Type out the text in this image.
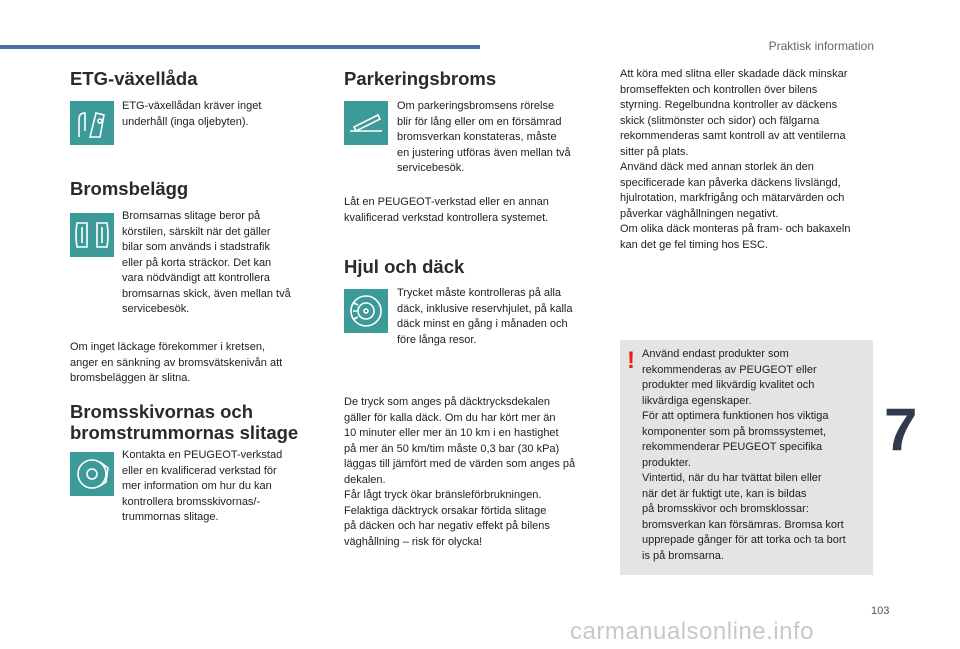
Praktisk information
7
103
carmanualsonline.info
ETG-växellåda

ETG-växellådan kräver inget
underhåll (inga oljebyten).

Bromsbelägg

Bromsarnas slitage beror på
körstilen, särskilt när det gäller
bilar som används i stadstrafik
eller på korta sträckor. Det kan
vara nödvändigt att kontrollera
bromsarnas skick, även mellan två
servicebesök.

Om inget läckage förekommer i kretsen,
anger en sänkning av bromsvätskenivån att
bromsbeläggen är slitna.

Bromsskivornas och
bromstrummornas slitage

Kontakta en PEUGEOT-verkstad
eller en kvalificerad verkstad för
mer information om hur du kan
kontrollera bromsskivornas/-
trummornas slitage.

Parkeringsbroms

Om parkeringsbromsens rörelse
blir för lång eller om en försämrad
bromsverkan konstateras, måste
en justering utföras även mellan två
servicebesök.

Låt en PEUGEOT-verkstad eller en annan
kvalificerad verkstad kontrollera systemet.

Hjul och däck

Trycket måste kontrolleras på alla
däck, inklusive reservhjulet, på kalla
däck minst en gång i månaden och
före långa resor.

De tryck som anges på däcktrycksdekalen
gäller för kalla däck. Om du har kört mer än
10 minuter eller mer än 10 km i en hastighet
på mer än 50 km/tim måste 0,3 bar (30 kPa)
läggas till jämfört med de värden som anges på
dekalen.
Får lågt tryck ökar bränsleförbrukningen.
Felaktiga däcktryck orsakar förtida slitage
på däcken och har negativ effekt på bilens
väghållning – risk för olycka!

Att köra med slitna eller skadade däck minskar
bromseffekten och kontrollen över bilens
styrning. Regelbundna kontroller av däckens
skick (slitmönster och sidor) och fälgarna
rekommenderas samt kontroll av att ventilerna
sitter på plats.
Använd däck med annan storlek än den
specificerade kan påverka däckens livslängd,
hjulrotation, markfrigång och mätarvärden och
påverkar väghållningen negativt.
Om olika däck monteras på fram- och bakaxeln
kan det ge fel timing hos ESC.

! Använd endast produkter som
rekommenderas av PEUGEOT eller
produkter med likvärdig kvalitet och
likvärdiga egenskaper.
För att optimera funktionen hos viktiga
komponenter som på bromssystemet,
rekommenderar PEUGEOT specifika
produkter.
Vintertid, när du har tvättat bilen eller
när det är fuktigt ute, kan is bildas
på bromsskivor och bromsklossar:
bromsverkan kan försämras. Bromsa kort
upprepade gånger för att torka och ta bort
is på bromsarna.
